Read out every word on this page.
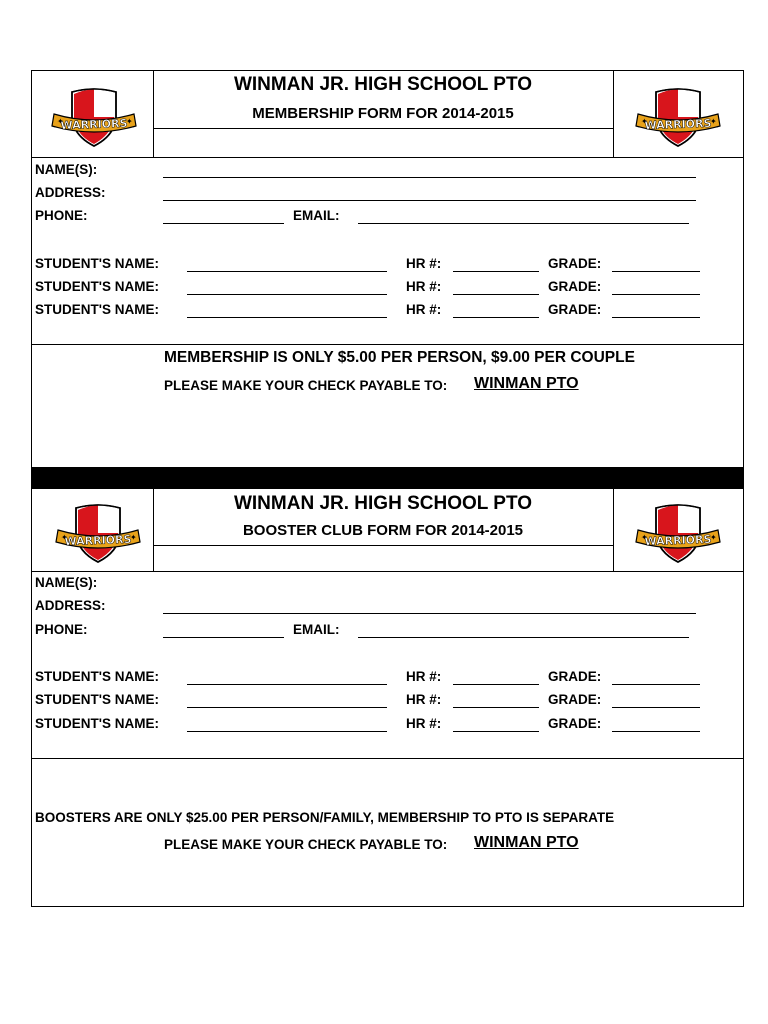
WINMAN JR. HIGH SCHOOL PTO
MEMBERSHIP FORM FOR 2014-2015
NAME(S):
ADDRESS:
PHONE:	EMAIL:
STUDENT'S NAME:	HR #:	GRADE:
STUDENT'S NAME:	HR #:	GRADE:
STUDENT'S NAME:	HR #:	GRADE:
MEMBERSHIP IS ONLY $5.00 PER PERSON, $9.00 PER COUPLE
PLEASE MAKE YOUR CHECK PAYABLE TO: WINMAN PTO
WINMAN JR. HIGH SCHOOL PTO
BOOSTER CLUB FORM FOR 2014-2015
NAME(S):
ADDRESS:
PHONE:	EMAIL:
STUDENT'S NAME:	HR #:	GRADE:
STUDENT'S NAME:	HR #:	GRADE:
STUDENT'S NAME:	HR #:	GRADE:
BOOSTERS ARE ONLY $25.00 PER PERSON/FAMILY, MEMBERSHIP TO PTO IS SEPARATE
PLEASE MAKE YOUR CHECK PAYABLE TO: WINMAN PTO
